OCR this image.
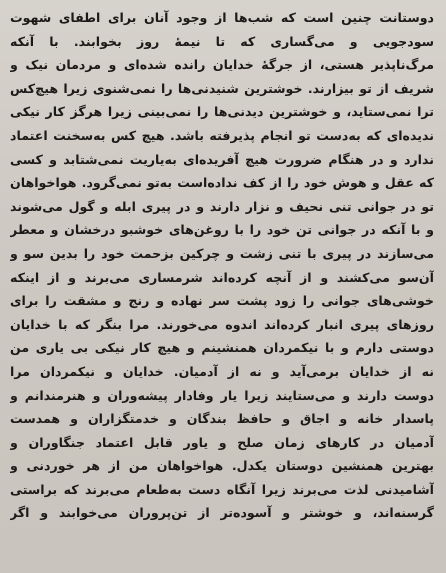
دوستانت چنین است که شب‌ها از وجود آنان برای اطفای شهوت
سودجویی و می‌گساری که تا نیمهٔ روز بخوابند. با آنکه
مرگ‌ناپذیر هستی، از جرگهٔ خدایان رانده شده‌ای و مردمان نیک و
شریف از تو بیزارند. خوشترین شنیدنی‌ها را نمی‌شنوی زیرا هیچ‌کس
ترا نمی‌ستاید، و خوشترین دیدنی‌ها را نمی‌بینی زیرا هرگز کار نیکی
ندیده‌ای که به‌دست تو انجام پذیرفته باشد. هیچ کس به‌سخنت اعتماد
ندارد و در هنگام ضرورت هیچ آفریده‌ای به‌یاریت نمی‌شتابد و کسی
که عقل و هوش خود را از کف نداده‌است به‌تو نمی‌گرود. هواخواهان
تو در جوانی تنی نحیف و نزار دارند و در پیری ابله و گول می‌شوند
و با آنکه در جوانی تن خود را با روغن‌های خوشبو درخشان و معطر
می‌سازند در پیری با تنی زشت و چرکین بزحمت خود را بدین سو و
آن‌سو می‌کشند و از آنچه کرده‌اند شرمساری می‌برند و از اینکه
خوشی‌های جوانی را زود پشت سر نهاده و رنج و مشقت را برای
روزهای پیری انبار کرده‌اند اندوه می‌خورند. مرا بنگر که با خدایان
دوستی دارم و با نیکمردان همنشینم و هیچ کار نیکی بی یاری من
نه از خدایان برمی‌آید و نه از آدمیان. خدایان و نیکمردان مرا
دوست دارند و می‌ستایند زیرا یار وفادار پیشه‌وران و هنرمندانم و
پاسدار خانه و اجاق و حافظ بندگان و خدمتگزاران و همدست
آدمیان در کارهای زمان صلح و یاور قابل اعتماد جنگاوران و
بهترین همنشین دوستان یکدل. هواخواهان من از هر خوردنی و
آشامیدنی لذت می‌برند زیرا آنگاه دست به‌طعام می‌برند که براستی
گرسنه‌اند، و خوشتر و آسوده‌تر از تن‌پروران می‌خوابند و اگر
